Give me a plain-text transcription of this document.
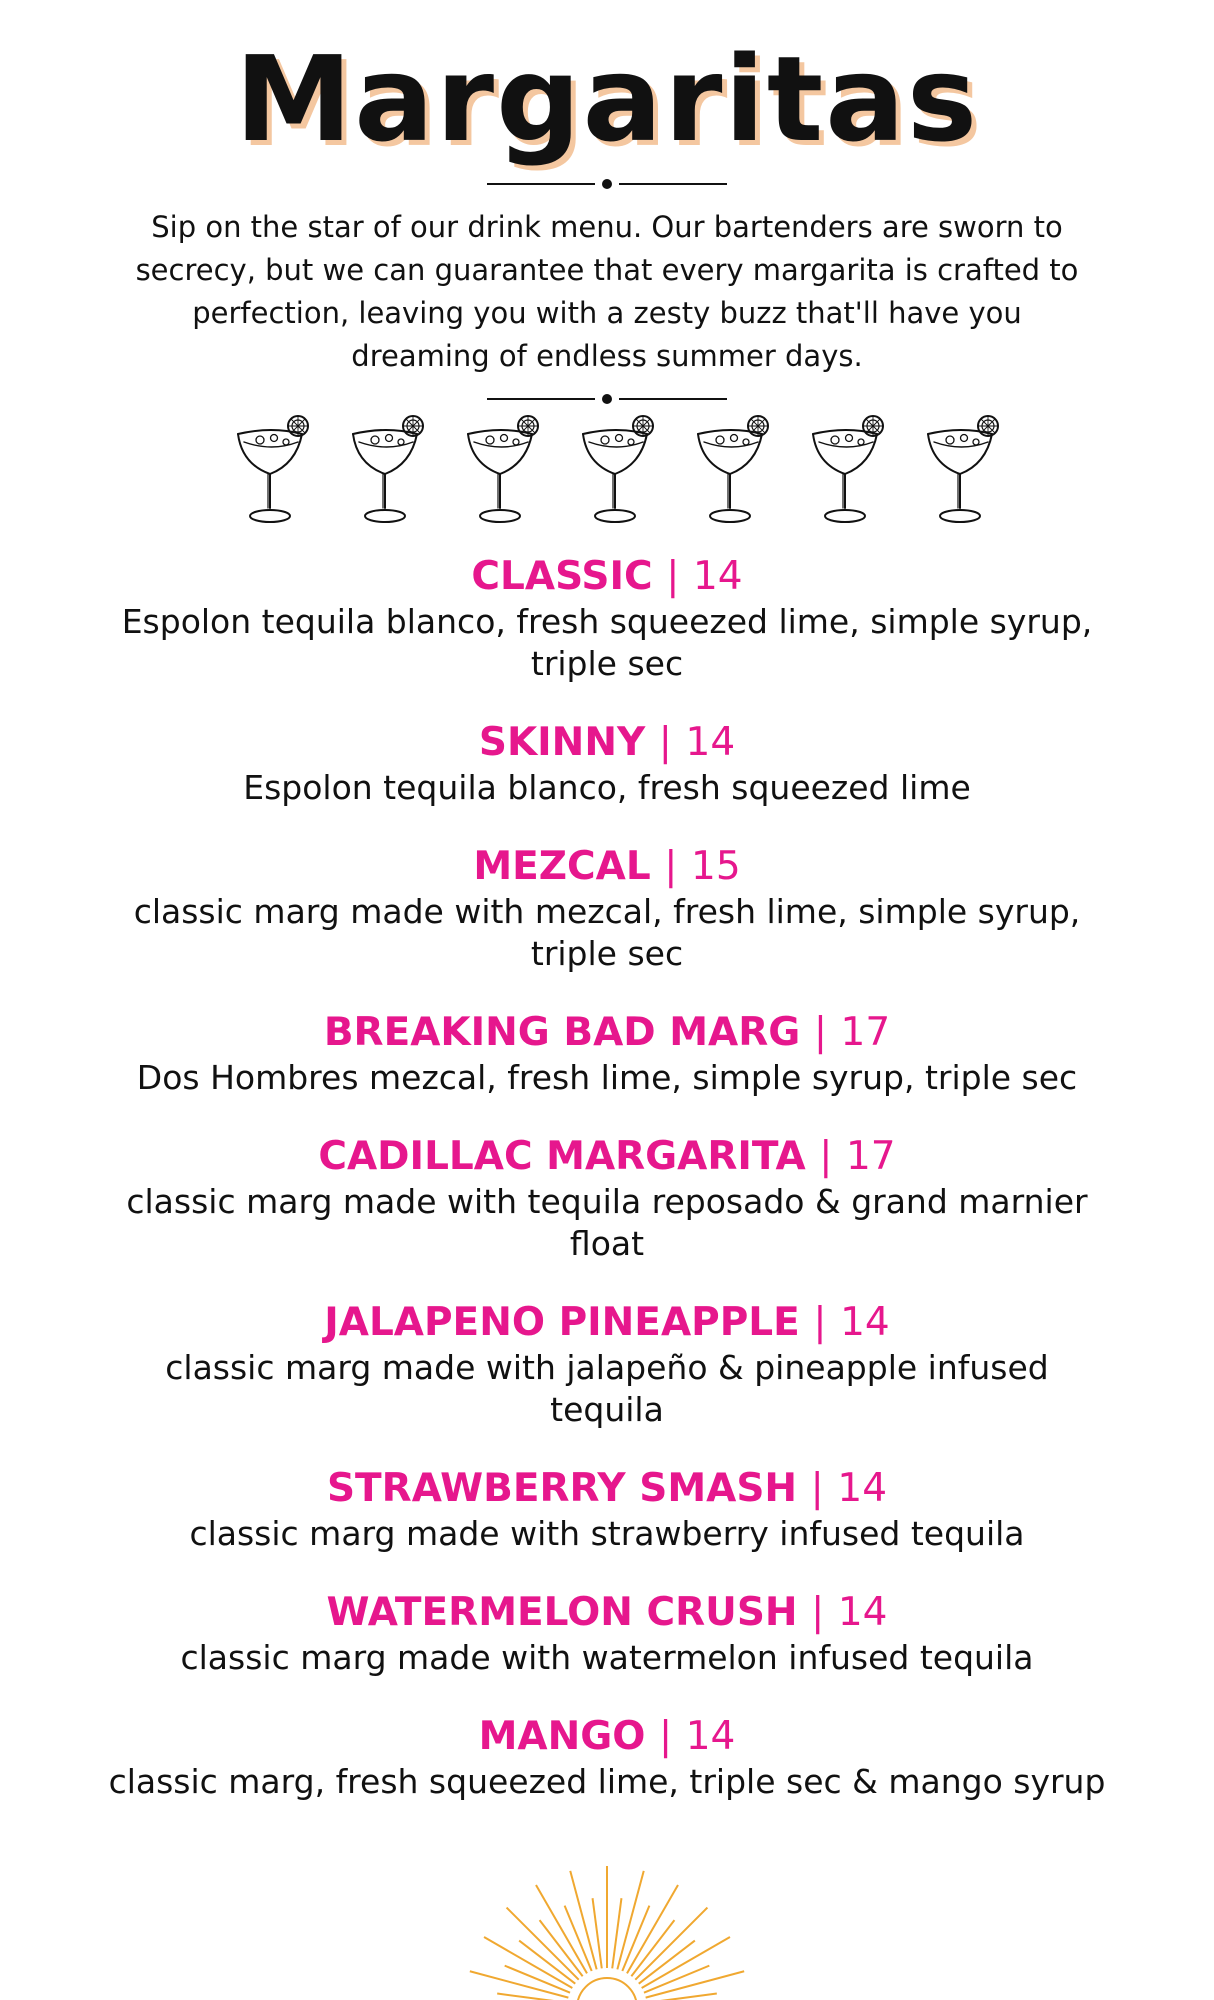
Margaritas
Sip on the star of our drink menu. Our bartenders are sworn to secrecy, but we can guarantee that every margarita is crafted to perfection, leaving you with a zesty buzz that'll have you dreaming of endless summer days.
CLASSIC | 14
Espolon tequila blanco, fresh squeezed lime, simple syrup, triple sec
SKINNY | 14
Espolon tequila blanco, fresh squeezed lime
MEZCAL | 15
classic marg made with mezcal, fresh lime, simple syrup, triple sec
BREAKING BAD MARG | 17
Dos Hombres mezcal, fresh lime, simple syrup, triple sec
CADILLAC MARGARITA | 17
classic marg made with tequila reposado & grand marnier float
JALAPENO PINEAPPLE | 14
classic marg made with jalapeño & pineapple infused tequila
STRAWBERRY SMASH | 14
classic marg made with strawberry infused tequila
WATERMELON CRUSH | 14
classic marg made with watermelon infused tequila
MANGO | 14
classic marg, fresh squeezed lime, triple sec & mango syrup
